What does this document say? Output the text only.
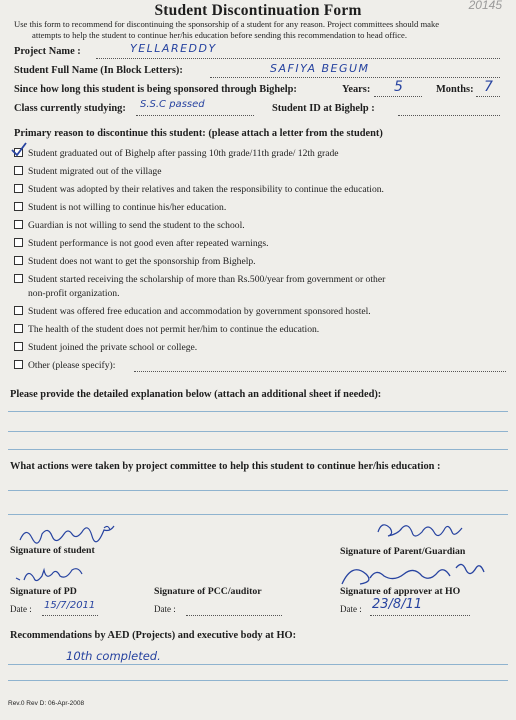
20145
Student Discontinuation Form
Use this form to recommend for discontinuing the sponsorship of a student for any reason. Project committees should make
attempts to help the student to continue her/his education before sending this recommendation to head office.
Project Name :	YELLAREDDY
Student Full Name (In Block Letters):	SAFIYA BEGUM
Since how long this student is being sponsored through Bighelp:	Years: 5	Months: 7
Class currently studying: S.S.C passed	Student ID at Bighelp :
Primary reason to discontinue this student: (please attach a letter from the student)
Student graduated out of Bighelp after passing 10th grade/11th grade/ 12th grade
Student migrated out of the village
Student was adopted by their relatives and taken the responsibility to continue the education.
Student is not willing to continue his/her education.
Guardian is not willing to send the student to the school.
Student performance is not good even after repeated warnings.
Student does not want to get the sponsorship from Bighelp.
Student started receiving the scholarship of more than Rs.500/year from government or other
non-profit organization.
Student was offered free education and accommodation by government sponsored hostel.
The health of the student does not permit her/him to continue the education.
Student joined the private school or college.
Other (please specify):
Please provide the detailed explanation below (attach an additional sheet if needed):
What actions were taken by project committee to help this student to continue her/his education :
Signature of student	Signature of Parent/Guardian
Signature of PD	Signature of PCC/auditor	Signature of approver at HO
Date : 15/7/2011	Date :	Date : 23/8/11
Recommendations by AED (Projects) and executive body at HO:
10th completed.
Rev.0 Rev D: 06-Apr-2008
